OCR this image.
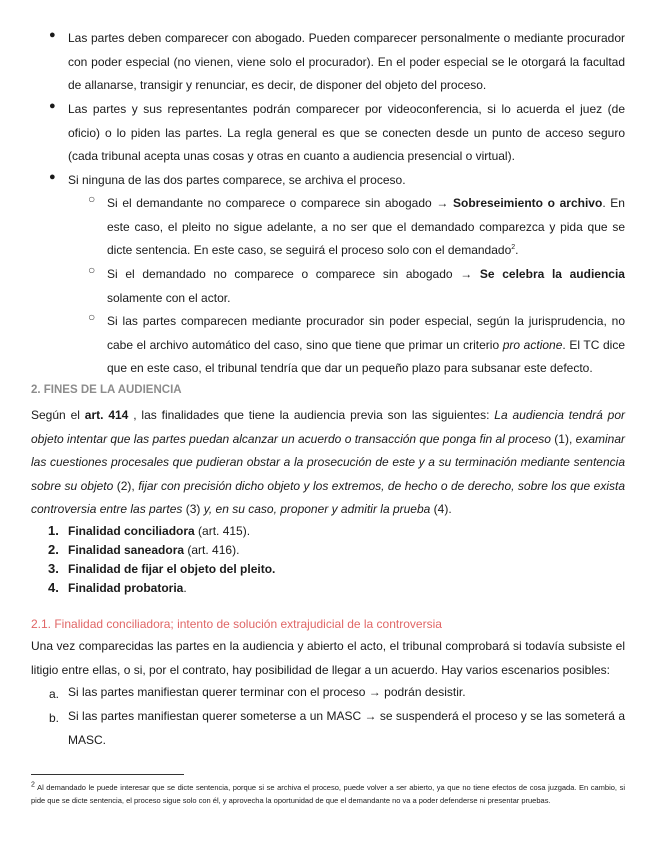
● Las partes deben comparecer con abogado. Pueden comparecer personalmente o mediante procurador con poder especial (no vienen, viene solo el procurador). En el poder especial se le otorgará la facultad de allanarse, transigir y renunciar, es decir, de disponer del objeto del proceso.
● Las partes y sus representantes podrán comparecer por videoconferencia, si lo acuerda el juez (de oficio) o lo piden las partes. La regla general es que se conecten desde un punto de acceso seguro (cada tribunal acepta unas cosas y otras en cuanto a audiencia presencial o virtual).
● Si ninguna de las dos partes comparece, se archiva el proceso.
○ Si el demandante no comparece o comparece sin abogado → Sobreseimiento o archivo. En este caso, el pleito no sigue adelante, a no ser que el demandado comparezca y pida que se dicte sentencia. En este caso, se seguirá el proceso solo con el demandado$^2$.
○ Si el demandado no comparece o comparece sin abogado → Se celebra la audiencia solamente con el actor.
○ Si las partes comparecen mediante procurador sin poder especial, según la jurisprudencia, no cabe el archivo automático del caso, sino que tiene que primar un criterio pro actione. El TC dice que en este caso, el tribunal tendría que dar un pequeño plazo para subsanar este defecto.
2. FINES DE LA AUDIENCIA
Según el art. 414 , las finalidades que tiene la audiencia previa son las siguientes: La audiencia tendrá por objeto intentar que las partes puedan alcanzar un acuerdo o transacción que ponga fin al proceso (1), examinar las cuestiones procesales que pudieran obstar a la prosecución de este y a su terminación mediante sentencia sobre su objeto (2), fijar con precisión dicho objeto y los extremos, de hecho o de derecho, sobre los que exista controversia entre las partes (3) y, en su caso, proponer y admitir la prueba (4).
1. Finalidad conciliadora (art. 415).
2. Finalidad saneadora (art. 416).
3. Finalidad de fijar el objeto del pleito.
4. Finalidad probatoria.
2.1. Finalidad conciliadora; intento de solución extrajudicial de la controversia
Una vez comparecidas las partes en la audiencia y abierto el acto, el tribunal comprobará si todavía subsiste el litigio entre ellas, o si, por el contrato, hay posibilidad de llegar a un acuerdo. Hay varios escenarios posibles:
a. Si las partes manifiestan querer terminar con el proceso → podrán desistir.
b. Si las partes manifiestan querer someterse a un MASC → se suspenderá el proceso y se las someterá a MASC.
$^2$ Al demandado le puede interesar que se dicte sentencia, porque si se archiva el proceso, puede volver a ser abierto, ya que no tiene efectos de cosa juzgada. En cambio, si pide que se dicte sentencia, el proceso sigue solo con él, y aprovecha la oportunidad de que el demandante no va a poder defenderse ni presentar pruebas.
